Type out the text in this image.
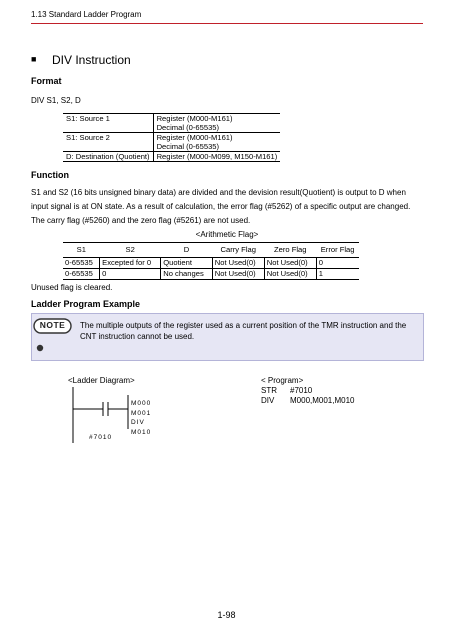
1.13 Standard Ladder Program
■ DIV Instruction
Format
DIV S1, S2, D
S1: Source 1	Register (M000-M161)
	Decimal (0-65535)
S1: Source 2	Register (M000-M161)
	Decimal (0-65535)
D: Destination (Quotient)	Register (M000-M099, M150-M161)
Function
S1 and S2 (16 bits unsigned binary data) are divided and the devision result(Quotient) is output to D when input signal is at ON state. As a result of calculation, the error flag (#5262) of a specific output are changed. The carry flag (#5260) and the zero flag (#5261) are not used.
<Arithmetic Flag>
S1	S2	D	Carry Flag	Zero Flag	Error Flag
0-65535	Excepted for 0	Quotient	Not Used(0)	Not Used(0)	0
0-65535	0	No changes	Not Used(0)	Not Used(0)	1
Unused flag is cleared.
Ladder Program Example
NOTE	The multiple outputs of the register used as a current position of the TMR instruction and the CNT instruction cannot be used.
<Ladder Diagram>
#7010
M000
M001
DIV
M010
< Program>
STR #7010
DIV M000,M001,M010
1-98
